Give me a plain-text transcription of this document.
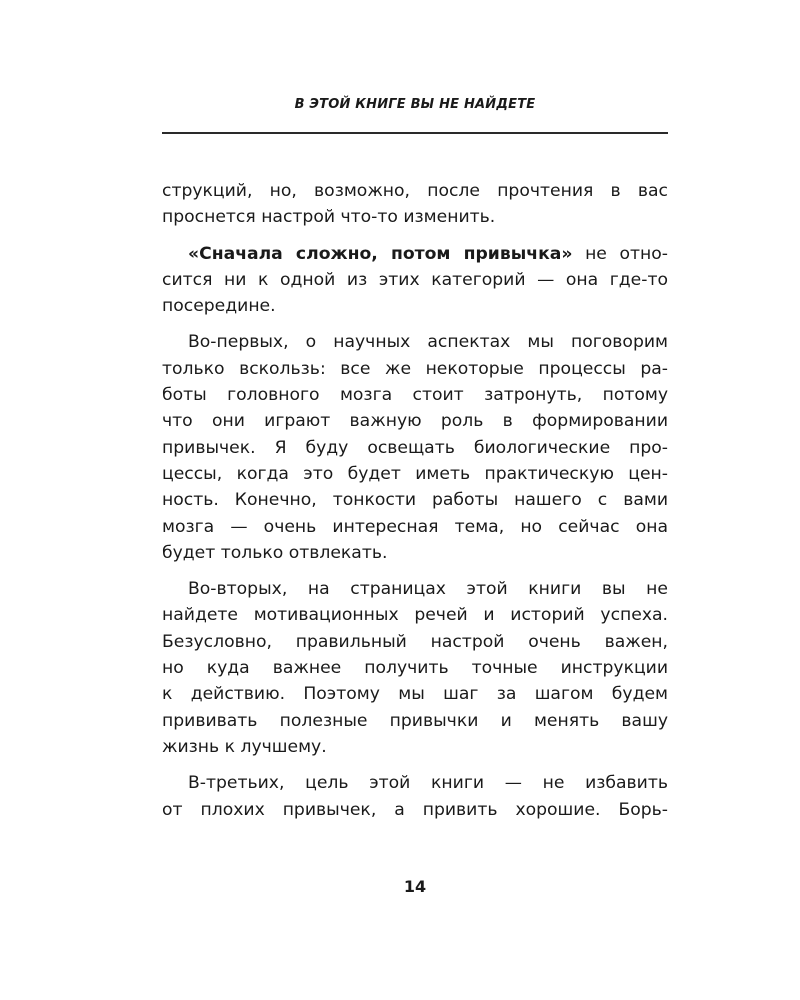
В ЭТОЙ КНИГЕ ВЫ НЕ НАЙДЕТЕ
струкций, но, возможно, после прочтения в вас
проснется настрой что-то изменить.
«Сначала сложно, потом привычка» не отно-
сится ни к одной из этих категорий — она где-то
посередине.
Во-первых, о научных аспектах мы поговорим
только вскользь: все же некоторые процессы ра-
боты головного мозга стоит затронуть, потому
что они играют важную роль в формировании
привычек. Я буду освещать биологические про-
цессы, когда это будет иметь практическую цен-
ность. Конечно, тонкости работы нашего с вами
мозга — очень интересная тема, но сейчас она
будет только отвлекать.
Во-вторых, на страницах этой книги вы не
найдете мотивационных речей и историй успеха.
Безусловно, правильный настрой очень важен,
но куда важнее получить точные инструкции
к действию. Поэтому мы шаг за шагом будем
прививать полезные привычки и менять вашу
жизнь к лучшему.
В-третьих, цель этой книги — не избавить
от плохих привычек, а привить хорошие. Борь-
14
